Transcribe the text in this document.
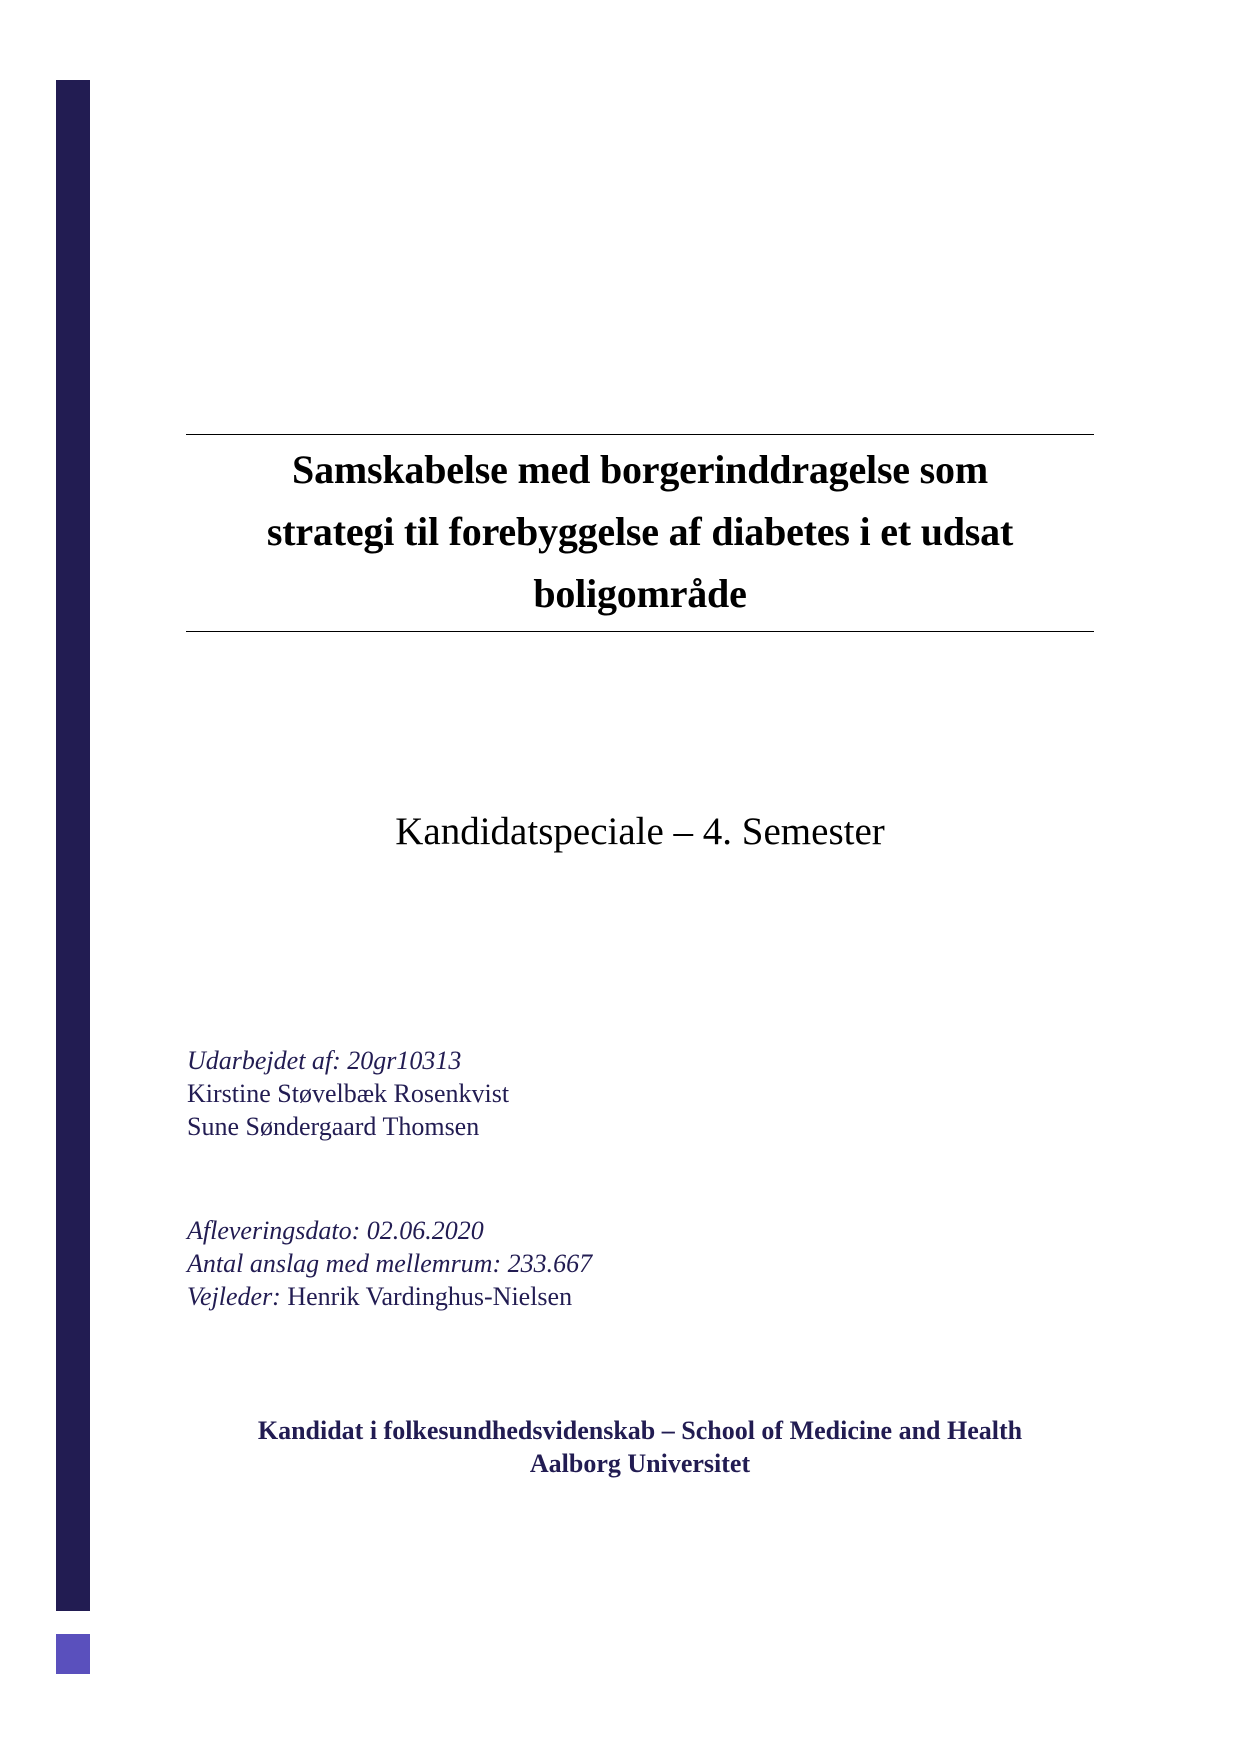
Samskabelse med borgerinddragelse som
strategi til forebyggelse af diabetes i et udsat
boligområde
Kandidatspeciale – 4. Semester
Udarbejdet af: 20gr10313
Kirstine Støvelbæk Rosenkvist
Sune Søndergaard Thomsen
Afleveringsdato: 02.06.2020
Antal anslag med mellemrum: 233.667
Vejleder: Henrik Vardinghus-Nielsen
Kandidat i folkesundhedsvidenskab – School of Medicine and Health
Aalborg Universitet
